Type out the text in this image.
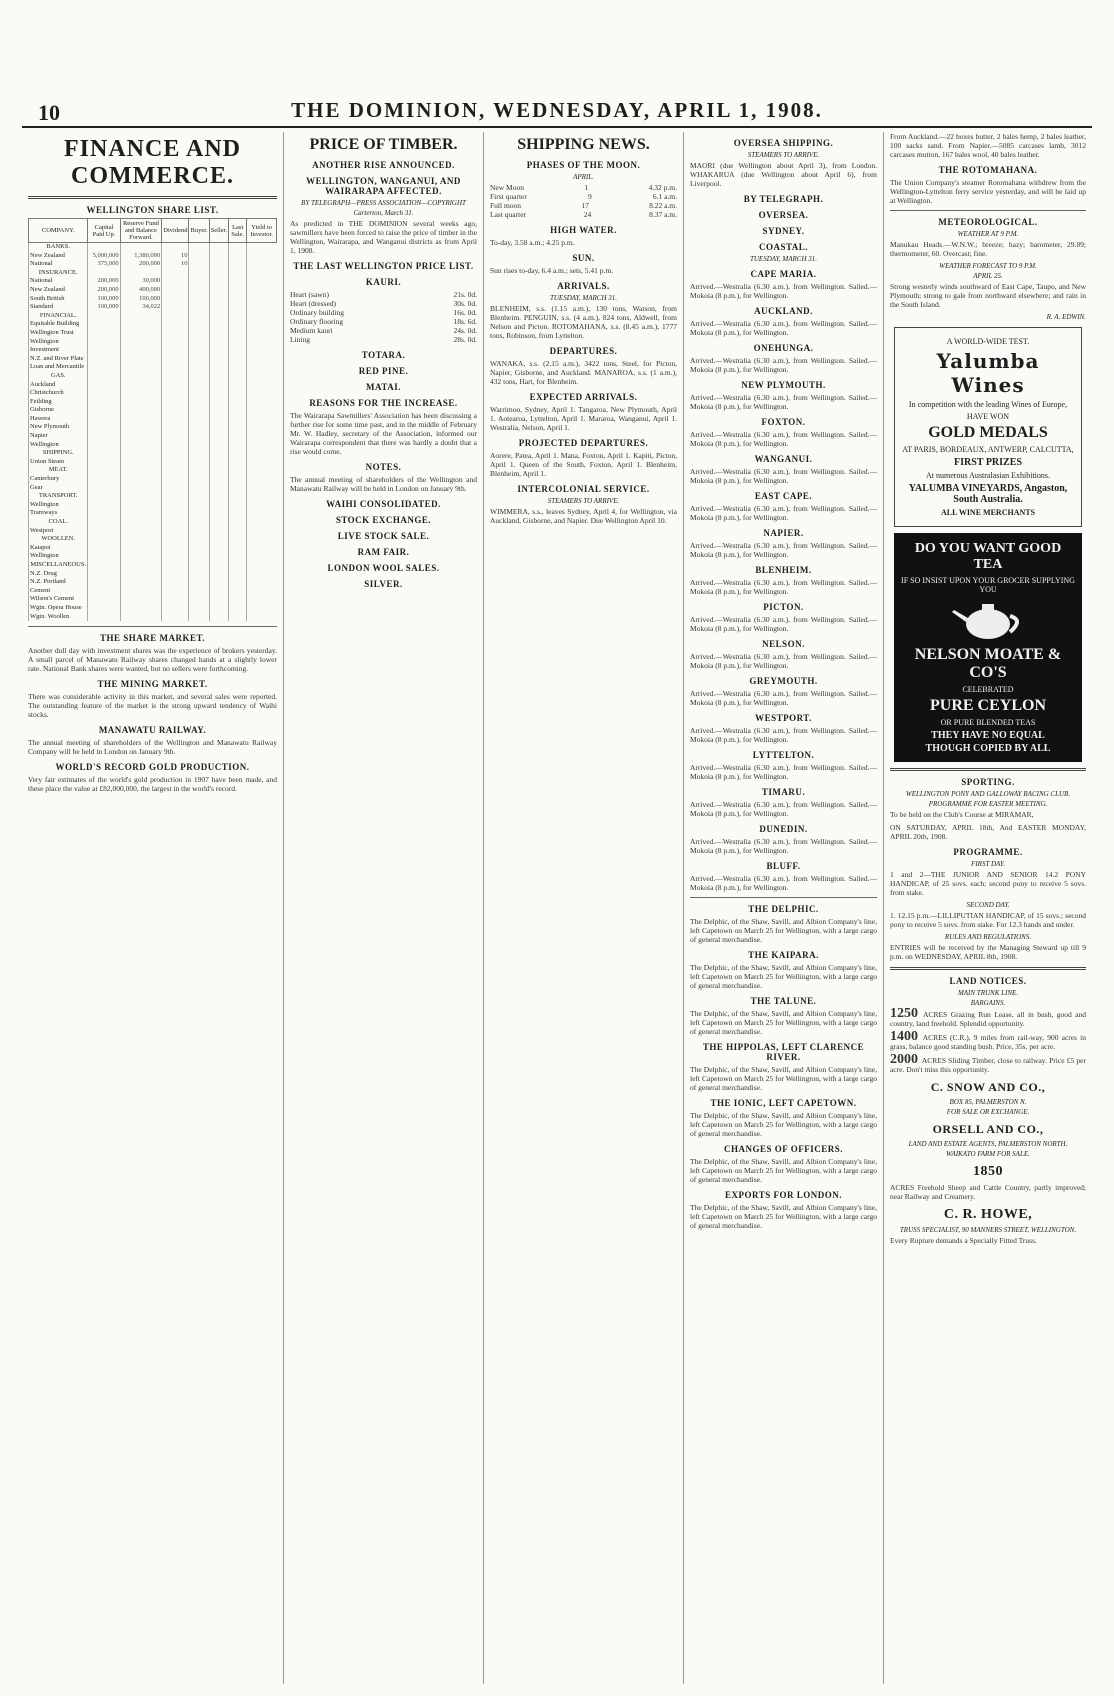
10	THE DOMINION, WEDNESDAY, APRIL 1, 1908.
FINANCE AND COMMERCE.
WELLINGTON SHARE LIST.
COMPANY.	Capital Paid Up.	Reserve Fund and Balance Forward.	Dividend	Buyer.	Seller.	Last Sale.	Yield to Investor.
BANKS.							
New Zealand	5,000,000	1,380,000	10				
National	375,000	200,000	10				
INSURANCE.							
National	200,000	30,000					
New Zealand	200,000	400,000					
South British	100,000	100,000					
Standard	100,000	34,022					
FINANCIAL.							
Equitable Building							
Wellington Trust							
Wellington Investment							
N.Z. and River Plate							
Loan and Mercantile							
GAS.							
Auckland							
Christchurch							
Feilding							
Gisborne							
Hawera							
New Plymouth							
Napier							
Wellington							
SHIPPING.							
Union Steam							
MEAT.							
Canterbury							
Gear							
TRANSPORT.							
Wellington Tramways							
COAL.							
Westport							
WOOLLEN.							
Kaiapoi							
Wellington							
MISCELLANEOUS.							
N.Z. Drug							
N.Z. Portland Cement							
Wilson's Cement							
Wgtn. Opera House							
Wgtn. Woollen							
THE SHARE MARKET.

Another dull day with investment shares was the experience of brokers yesterday. A small parcel of Manawatu Railway shares changed hands at a slightly lower rate. National Bank shares were wanted, but no sellers were forthcoming.

THE MINING MARKET.

There was considerable activity in this market, and several sales were reported. The outstanding feature of the market is the strong upward tendency of Waihi stocks.

MANAWATU RAILWAY.

The annual meeting of shareholders of the Wellington and Manawatu Railway Company will be held in London on January 9th.

WORLD'S RECORD GOLD PRODUCTION.

Very fair estimates of the world's gold production in 1907 have been made, and these place the value at £82,000,000, the largest in the world's record.

PRICE OF TIMBER.
ANOTHER RISE ANNOUNCED.
WELLINGTON, WANGANUI, AND WAIRARAPA AFFECTED.
BY TELEGRAPH—PRESS ASSOCIATION—COPYRIGHT
Carterton, March 31.

As predicted in THE DOMINION several weeks ago, sawmillers have been forced to raise the price of timber in the Wellington, Wairarapa, and Wanganui districts as from April 1, 1908.

THE LAST WELLINGTON PRICE LIST.
KAURI.
Heart (sawn)	21s. 0d.
Heart (dressed)	30s. 0d.
Ordinary building	16s. 0d.
Ordinary flooring	18s. 6d.
Medium kauri	24s. 0d.
Lining	28s. 0d.
TOTARA.
RED PINE.
MATAI.
REASONS FOR THE INCREASE.

The Wairarapa Sawmillers' Association has been discussing a further rise for some time past, and in the middle of February Mr. W. Hadley, secretary of the Association, informed our Wairarapa correspondent that there was hardly a doubt that a rise would come.

NOTES.

The annual meeting of shareholders of the Wellington and Manawatu Railway will be held in London on January 9th.

WAIHI CONSOLIDATED.
STOCK EXCHANGE.
LIVE STOCK SALE.
RAM FAIR.
LONDON WOOL SALES.
SILVER.
SHIPPING NEWS.
PHASES OF THE MOON.
APRIL.
New Moon	1	4.32 p.m.
First quarter	9	6.1 a.m.
Full moon	17	8.22 a.m.
Last quarter	24	8.37 a.m.
HIGH WATER.

To-day, 3.58 a.m.; 4.25 p.m.

SUN.

Sun rises to-day, 6.4 a.m.; sets, 5.41 p.m.

ARRIVALS.
TUESDAY, MARCH 31.

BLENHEIM, s.s. (1.15 a.m.), 130 tons, Watson, from Blenheim. PENGUIN, s.s. (4 a.m.), 824 tons, Aldwell, from Nelson and Picton. ROTOMAHANA, s.s. (8.45 a.m.), 1777 tons, Robinson, from Lyttelton.

DEPARTURES.

WANAKA, s.s. (2.15 a.m.), 3422 tons, Steel, for Picton, Napier, Gisborne, and Auckland. MANAROA, s.s. (1 a.m.), 432 tons, Hart, for Blenheim.

EXPECTED ARRIVALS.

Warrimoo, Sydney, April 1. Tangaroa, New Plymouth, April 1. Aotearoa, Lyttelton, April 1. Mararoa, Wanganui, April 1. Westralia, Nelson, April 1.

PROJECTED DEPARTURES.

Aorere, Patea, April 1. Mana, Foxton, April 1. Kapiti, Picton, April 1. Queen of the South, Foxton, April 1. Blenheim, Blenheim, April 1.

INTERCOLONIAL SERVICE.
STEAMERS TO ARRIVE.

WIMMERA, s.s., leaves Sydney, April 4, for Wellington, via Auckland, Gisborne, and Napier. Due Wellington April 10.

OVERSEA SHIPPING.
STEAMERS TO ARRIVE.

MAORI (due Wellington about April 3), from London. WHAKARUA (due Wellington about April 6), from Liverpool.

BY TELEGRAPH.
OVERSEA.
SYDNEY.
COASTAL.
TUESDAY, MARCH 31.
CAPE MARIA.

Arrived.—Westralia (6.30 a.m.), from Wellington. Sailed.—Mokoia (8 p.m.), for Wellington.

AUCKLAND.

Arrived.—Westralia (6.30 a.m.), from Wellington. Sailed.—Mokoia (8 p.m.), for Wellington.

ONEHUNGA.

Arrived.—Westralia (6.30 a.m.), from Wellington. Sailed.—Mokoia (8 p.m.), for Wellington.

NEW PLYMOUTH.

Arrived.—Westralia (6.30 a.m.), from Wellington. Sailed.—Mokoia (8 p.m.), for Wellington.

FOXTON.

Arrived.—Westralia (6.30 a.m.), from Wellington. Sailed.—Mokoia (8 p.m.), for Wellington.

WANGANUI.

Arrived.—Westralia (6.30 a.m.), from Wellington. Sailed.—Mokoia (8 p.m.), for Wellington.

EAST CAPE.

Arrived.—Westralia (6.30 a.m.), from Wellington. Sailed.—Mokoia (8 p.m.), for Wellington.

NAPIER.

Arrived.—Westralia (6.30 a.m.), from Wellington. Sailed.—Mokoia (8 p.m.), for Wellington.

BLENHEIM.

Arrived.—Westralia (6.30 a.m.), from Wellington. Sailed.—Mokoia (8 p.m.), for Wellington.

PICTON.

Arrived.—Westralia (6.30 a.m.), from Wellington. Sailed.—Mokoia (8 p.m.), for Wellington.

NELSON.

Arrived.—Westralia (6.30 a.m.), from Wellington. Sailed.—Mokoia (8 p.m.), for Wellington.

GREYMOUTH.

Arrived.—Westralia (6.30 a.m.), from Wellington. Sailed.—Mokoia (8 p.m.), for Wellington.

WESTPORT.

Arrived.—Westralia (6.30 a.m.), from Wellington. Sailed.—Mokoia (8 p.m.), for Wellington.

LYTTELTON.

Arrived.—Westralia (6.30 a.m.), from Wellington. Sailed.—Mokoia (8 p.m.), for Wellington.

TIMARU.

Arrived.—Westralia (6.30 a.m.), from Wellington. Sailed.—Mokoia (8 p.m.), for Wellington.

DUNEDIN.

Arrived.—Westralia (6.30 a.m.), from Wellington. Sailed.—Mokoia (8 p.m.), for Wellington.

BLUFF.

Arrived.—Westralia (6.30 a.m.), from Wellington. Sailed.—Mokoia (8 p.m.), for Wellington.

THE DELPHIC.

The Delphic, of the Shaw, Savill, and Albion Company's line, left Capetown on March 25 for Wellington, with a large cargo of general merchandise.

THE KAIPARA.

The Delphic, of the Shaw, Savill, and Albion Company's line, left Capetown on March 25 for Wellington, with a large cargo of general merchandise.

THE TALUNE.

The Delphic, of the Shaw, Savill, and Albion Company's line, left Capetown on March 25 for Wellington, with a large cargo of general merchandise.

THE HIPPOLAS, LEFT CLARENCE RIVER.

The Delphic, of the Shaw, Savill, and Albion Company's line, left Capetown on March 25 for Wellington, with a large cargo of general merchandise.

THE IONIC, LEFT CAPETOWN.

The Delphic, of the Shaw, Savill, and Albion Company's line, left Capetown on March 25 for Wellington, with a large cargo of general merchandise.

CHANGES OF OFFICERS.

The Delphic, of the Shaw, Savill, and Albion Company's line, left Capetown on March 25 for Wellington, with a large cargo of general merchandise.

EXPORTS FOR LONDON.

The Delphic, of the Shaw, Savill, and Albion Company's line, left Capetown on March 25 for Wellington, with a large cargo of general merchandise.

From Auckland.—22 boxes butter, 2 bales hemp, 2 bales leather, 100 sacks sand. From Napier.—5085 carcases lamb, 3012 carcases mutton, 167 bales wool, 40 bales leather.

THE ROTOMAHANA.

The Union Company's steamer Rotomahana withdrew from the Wellington-Lyttelton ferry service yesterday, and will be laid up at Wellington.

METEOROLOGICAL.
WEATHER AT 9 P.M.

Manukau Heads.—W.N.W.; breeze; hazy; barometer, 29.89; thermometer, 60. Overcast; fine.

WEATHER FORECAST TO 9 P.M.
APRIL 25.

Strong westerly winds southward of East Cape, Taupo, and New Plymouth; strong to gale from northward elsewhere; and rain in the South Island.

R. A. EDWIN.
A WORLD-WIDE TEST.
Yalumba Wines
In competition with the leading Wines of Europe,
HAVE WON
GOLD MEDALS
AT PARIS, BORDEAUX, ANTWERP, CALCUTTA,
FIRST PRIZES
At numerous Australasian Exhibitions.
YALUMBA VINEYARDS, Angaston, South Australia.
ALL WINE MERCHANTS
DO YOU WANT GOOD TEA
IF SO INSIST UPON YOUR GROCER SUPPLYING YOU
NELSON MOATE & CO'S
CELEBRATED
PURE CEYLON
OR PURE BLENDED TEAS
THEY HAVE NO EQUAL
THOUGH COPIED BY ALL
SPORTING.
WELLINGTON PONY AND GALLOWAY RACING CLUB.
PROGRAMME FOR EASTER MEETING.
To be held on the Club's Course at MIRAMAR,
ON SATURDAY, APRIL 18th, And EASTER MONDAY, APRIL 20th, 1908.
PROGRAMME.
FIRST DAY.
1 and 2—THE JUNIOR AND SENIOR 14.2 PONY HANDICAP, of 25 sovs. each; second pony to receive 5 sovs. from stake.
SECOND DAY.
1. 12.15 p.m.—LILLIPUTIAN HANDICAP, of 15 sovs.; second pony to receive 5 sovs. from stake. For 12.3 hands and under.
RULES AND REGULATIONS.
ENTRIES will be received by the Managing Steward up till 9 p.m. on WEDNESDAY, APRIL 8th, 1908.
LAND NOTICES.
MAIN TRUNK LINE.
BARGAINS.

1250 ACRES Grazing Run Lease, all in bush, good and country, land freehold. Splendid opportunity.

1400 ACRES (C.R.), 9 miles from rail-way, 900 acres in grass, balance good standing bush. Price, 35s. per acre.

2000 ACRES Sliding Timber, close to railway. Price £5 per acre. Don't miss this opportunity.

C. SNOW AND CO.,
BOX 85, PALMERSTON N.
FOR SALE OR EXCHANGE.
ORSELL AND CO.,
LAND AND ESTATE AGENTS, PALMERSTON NORTH.
WAIKATO FARM FOR SALE.
1850
ACRES Freehold Sheep and Cattle Country, partly improved; near Railway and Creamery.
C. R. HOWE,
TRUSS SPECIALIST, 90 MANNERS STREET, WELLINGTON.
Every Rupture demands a Specially Fitted Truss.
